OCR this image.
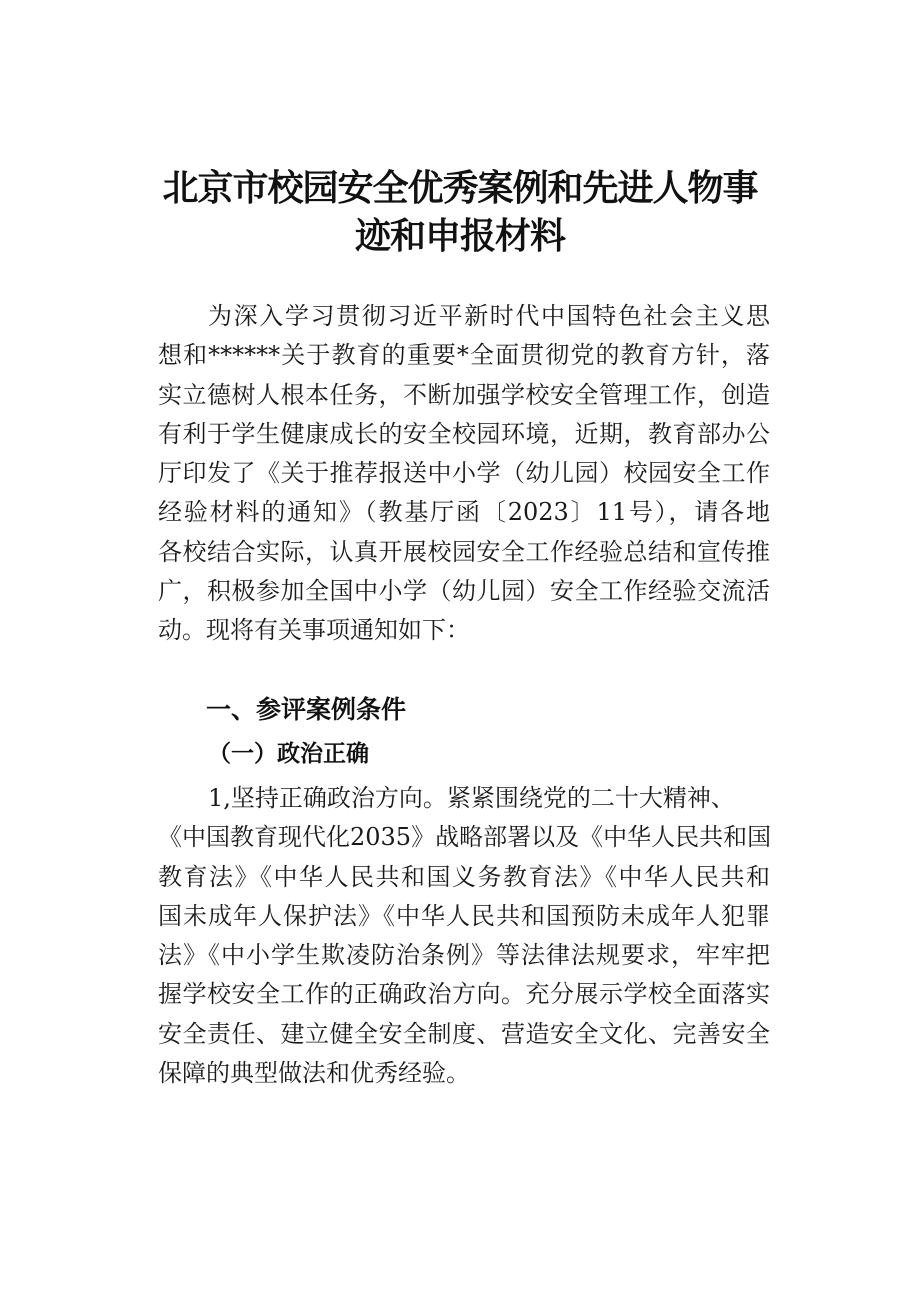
北京市校园安全优秀案例和先进人物事
迹和申报材料

为深入学习贯彻习近平新时代中国特色社会主义思

想和******关于教育的重要*全面贯彻党的教育方针，落

实立德树人根本任务，不断加强学校安全管理工作，创造

有利于学生健康成长的安全校园环境，近期，教育部办公

厅印发了《关于推荐报送中小学（幼儿园）校园安全工作

经验材料的通知》（教基厅函〔2023〕11号），请各地

各校结合实际，认真开展校园安全工作经验总结和宣传推

广，积极参加全国中小学（幼儿园）安全工作经验交流活

动。现将有关事项通知如下：

一、参评案例条件
（一）政治正确

1,坚持正确政治方向。紧紧围绕党的二十大精神、

《中国教育现代化2035》战略部署以及《中华人民共和国

教育法》《中华人民共和国义务教育法》《中华人民共和

国未成年人保护法》《中华人民共和国预防未成年人犯罪

法》《中小学生欺凌防治条例》等法律法规要求，牢牢把

握学校安全工作的正确政治方向。充分展示学校全面落实

安全责任、建立健全安全制度、营造安全文化、完善安全

保障的典型做法和优秀经验。
